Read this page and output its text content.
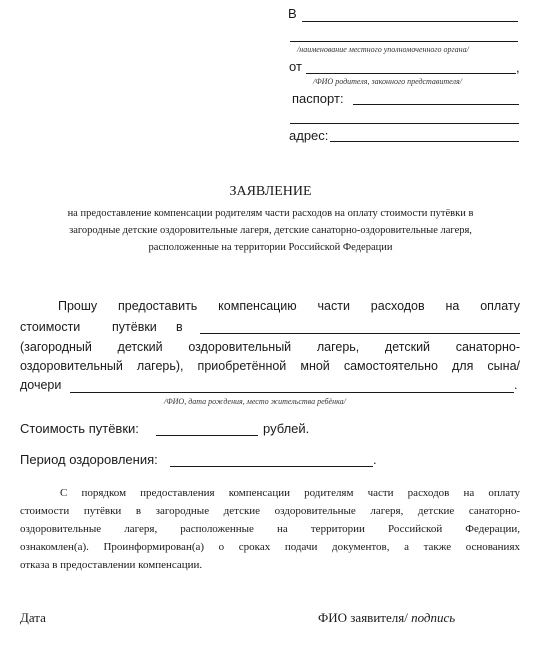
В
/наименование местного уполномоченного органа/
от	,
/ФИО родителя, законного представителя/
паспорт:
адрес:
ЗАЯВЛЕНИЕ
на предоставление компенсации родителям части расходов на оплату стоимости путёвки в
загородные детские оздоровительные лагеря, детские санаторно-оздоровительные лагеря,
расположенные на территории Российской Федерации
Прошу предоставить компенсацию части расходов на оплату
стоимости	путёвки в
(загородный детский оздоровительный лагерь, детский санаторно-
оздоровительный лагерь), приобретённой мной самостоятельно для сына/
дочери	.
/ФИО, дата рождения, место жительства ребёнка/
Стоимость путёвки:	рублей.
Период оздоровления:	.
С порядком предоставления компенсации родителям части расходов на оплату
стоимости путёвки в загородные детские оздоровительные лагеря, детские санаторно-
оздоровительные лагеря, расположенные на территории Российской Федерации,
ознакомлен(а). Проинформирован(а) о сроках подачи документов, а также основаниях
отказа в предоставлении компенсации.
Дата	ФИО заявителя/ подпись
